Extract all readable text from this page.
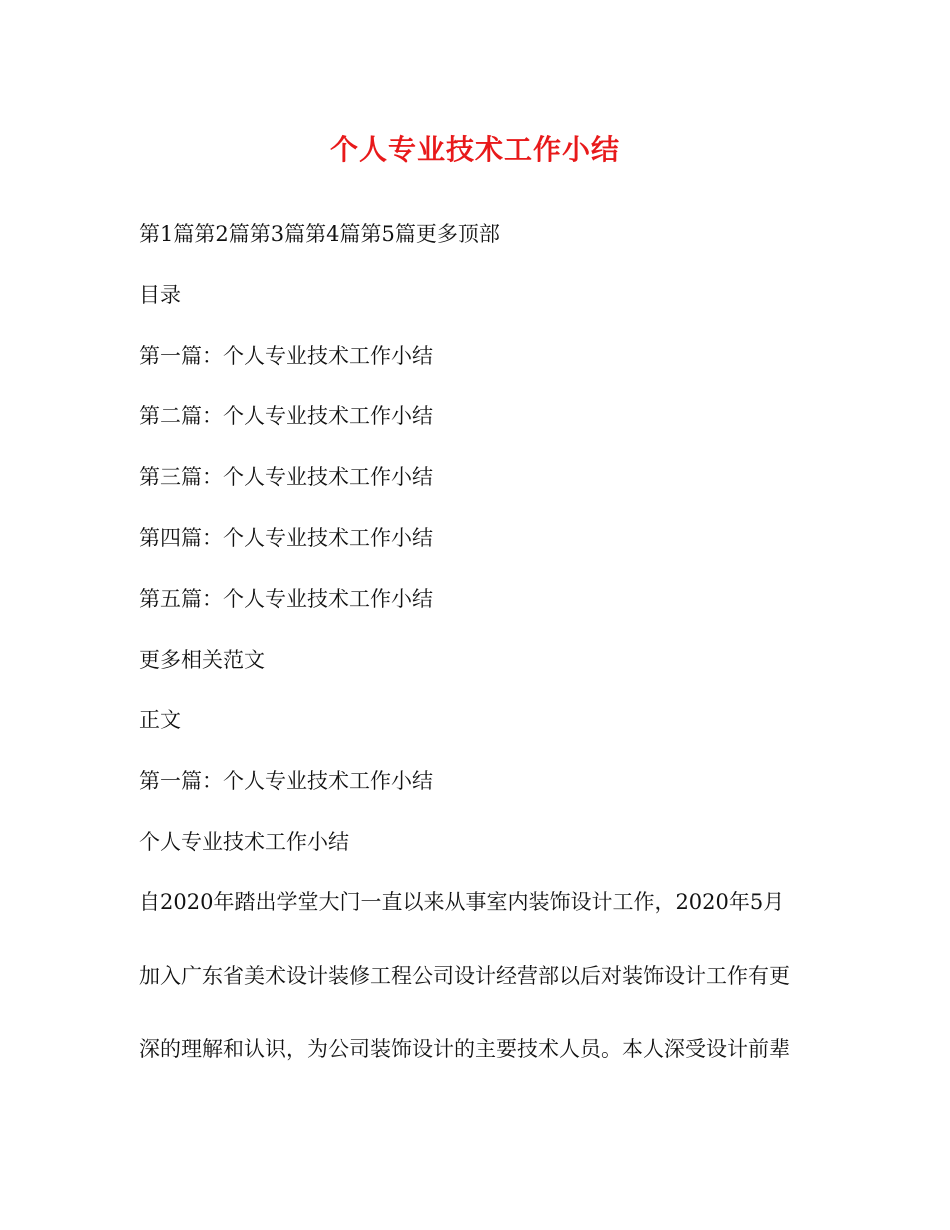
个人专业技术工作小结
第1篇第2篇第3篇第4篇第5篇更多顶部
目录
第一篇：个人专业技术工作小结
第二篇：个人专业技术工作小结
第三篇：个人专业技术工作小结
第四篇：个人专业技术工作小结
第五篇：个人专业技术工作小结
更多相关范文
正文
第一篇：个人专业技术工作小结
个人专业技术工作小结
自2020年踏出学堂大门一直以来从事室内装饰设计工作，2020年5月
加入广东省美术设计装修工程公司设计经营部以后对装饰设计工作有更
深的理解和认识，为公司装饰设计的主要技术人员。本人深受设计前辈
